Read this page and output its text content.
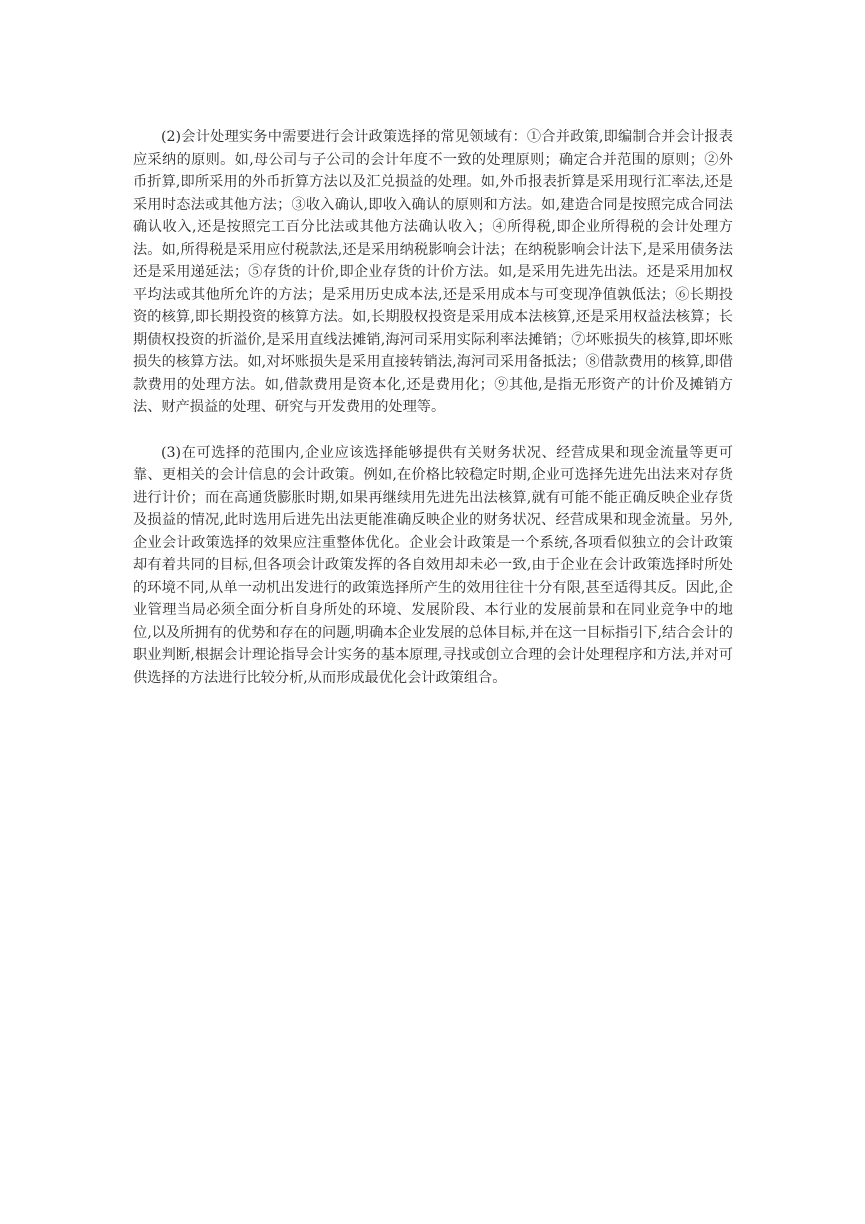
(2)会计处理实务中需要进行会计政策选择的常见领域有：①合并政策,即编制合并会计报表应采纳的原则。如,母公司与子公司的会计年度不一致的处理原则；确定合并范围的原则；②外币折算,即所采用的外币折算方法以及汇兑损益的处理。如,外币报表折算是采用现行汇率法,还是采用时态法或其他方法；③收入确认,即收入确认的原则和方法。如,建造合同是按照完成合同法确认收入,还是按照完工百分比法或其他方法确认收入；④所得税,即企业所得税的会计处理方法。如,所得税是采用应付税款法,还是采用纳税影响会计法；在纳税影响会计法下,是采用债务法还是采用递延法；⑤存货的计价,即企业存货的计价方法。如,是采用先进先出法。还是采用加权平均法或其他所允许的方法；是采用历史成本法,还是采用成本与可变现净值孰低法；⑥长期投资的核算,即长期投资的核算方法。如,长期股权投资是采用成本法核算,还是采用权益法核算；长期债权投资的折溢价,是采用直线法摊销,海河司采用实际利率法摊销；⑦坏账损失的核算,即坏账损失的核算方法。如,对坏账损失是采用直接转销法,海河司采用备抵法；⑧借款费用的核算,即借款费用的处理方法。如,借款费用是资本化,还是费用化；⑨其他,是指无形资产的计价及摊销方法、财产损益的处理、研究与开发费用的处理等。

(3)在可选择的范围内,企业应该选择能够提供有关财务状况、经营成果和现金流量等更可靠、更相关的会计信息的会计政策。例如,在价格比较稳定时期,企业可选择先进先出法来对存货进行计价；而在高通货膨胀时期,如果再继续用先进先出法核算,就有可能不能正确反映企业存货及损益的情况,此时选用后进先出法更能准确反映企业的财务状况、经营成果和现金流量。另外,企业会计政策选择的效果应注重整体优化。企业会计政策是一个系统,各项看似独立的会计政策却有着共同的目标,但各项会计政策发挥的各自效用却未必一致,由于企业在会计政策选择时所处的环境不同,从单一动机出发进行的政策选择所产生的效用往往十分有限,甚至适得其反。因此,企业管理当局必须全面分析自身所处的环境、发展阶段、本行业的发展前景和在同业竞争中的地位,以及所拥有的优势和存在的问题,明确本企业发展的总体目标,并在这一目标指引下,结合会计的职业判断,根据会计理论指导会计实务的基本原理,寻找或创立合理的会计处理程序和方法,并对可供选择的方法进行比较分析,从而形成最优化会计政策组合。
